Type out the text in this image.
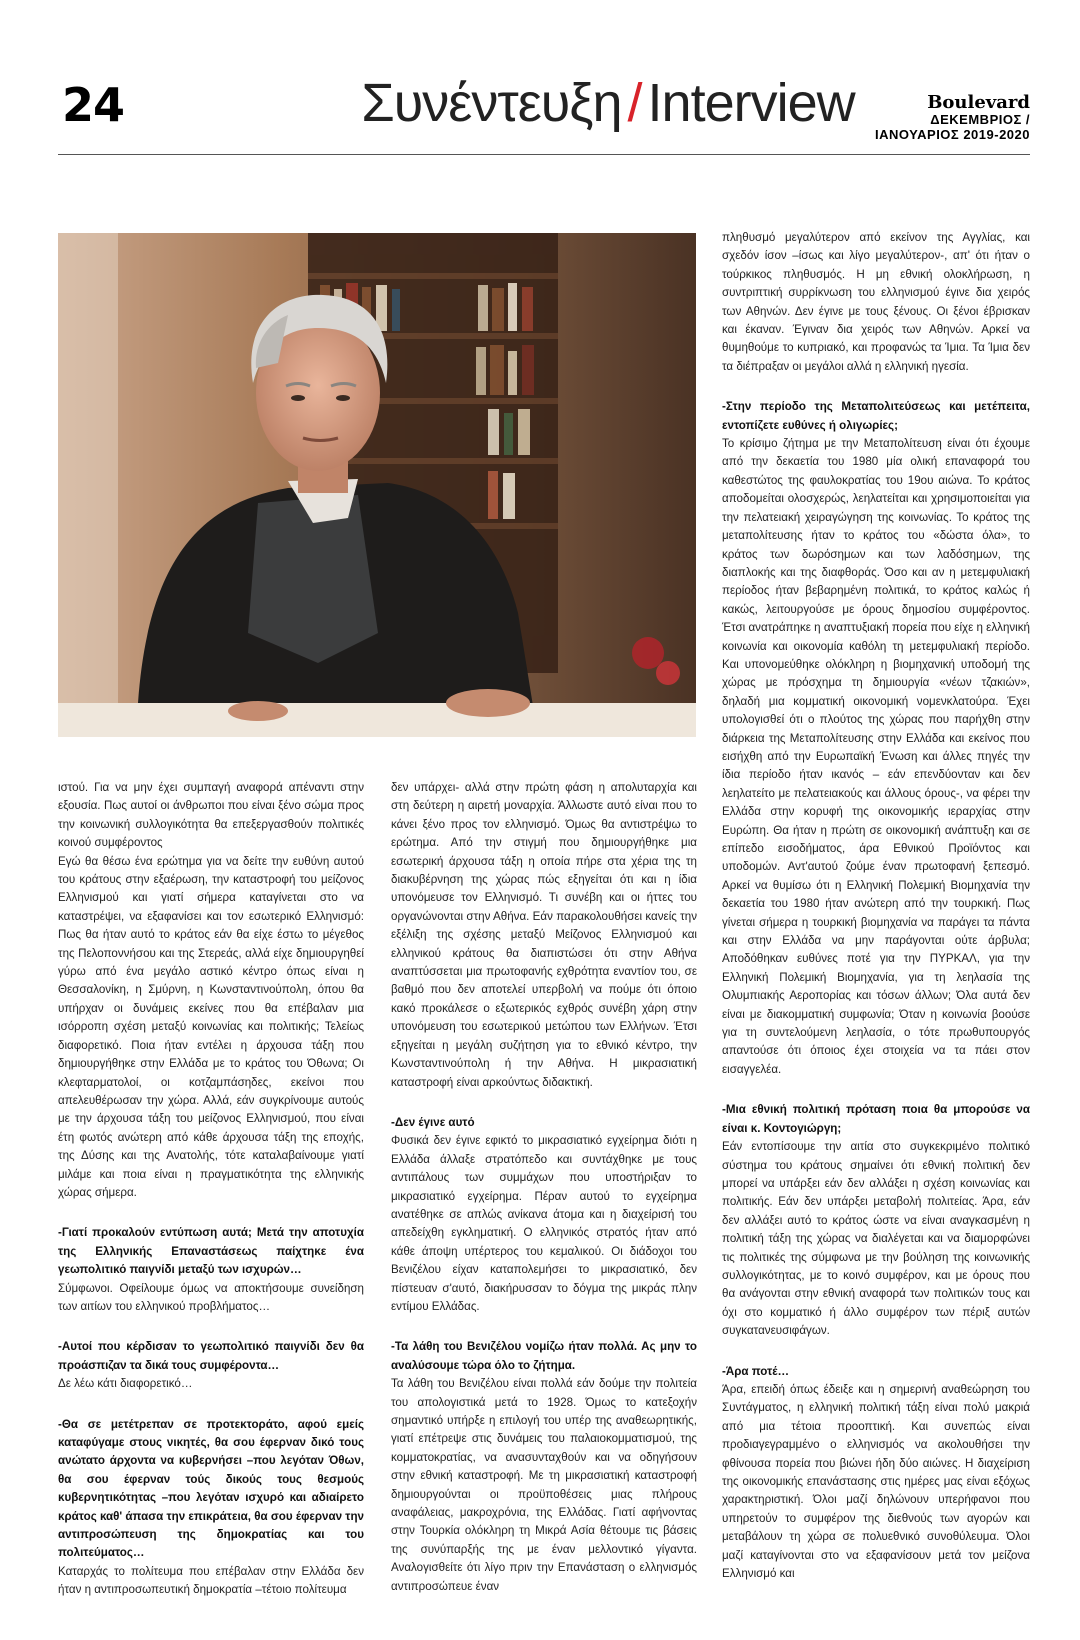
24	Συνέντευξη / Interview	Boulevard
ΔΕΚΕΜΒΡΙΟΣ /
ΙΑΝΟΥΑΡΙΟΣ 2019-2020

ιστού. Για να μην έχει συμπαγή αναφορά απέναντι στην εξουσία. Πως αυτοί οι άνθρωποι που είναι ξένο σώμα προς την κοινωνική συλλογικότητα θα επεξεργασθούν πολιτικές κοινού συμφέροντος

Εγώ θα θέσω ένα ερώτημα για να δείτε την ευθύνη αυτού του κράτους στην εξαέρωση, την καταστροφή του μείζονος Ελληνισμού και γιατί σήμερα καταγίνεται στο να καταστρέψει, να εξαφανίσει και τον εσωτερικό Ελληνισμό: Πως θα ήταν αυτό το κράτος εάν θα είχε έστω το μέγεθος της Πελοποννήσου και της Στερεάς, αλλά είχε δημιουργηθεί γύρω από ένα μεγάλο αστικό κέντρο όπως είναι η Θεσσαλονίκη, η Σμύρνη, η Κωνσταντινούπολη, όπου θα υπήρχαν οι δυνάμεις εκείνες που θα επέβαλαν μια ισόρροπη σχέση μεταξύ κοινωνίας και πολιτικής; Τελείως διαφορετικό. Ποια ήταν εντέλει η άρχουσα τάξη που δημιουργήθηκε στην Ελλάδα με το κράτος του Όθωνα; Οι κλεφταρματολοί, οι κοτζαμπάσηδες, εκείνοι που απελευθέρωσαν την χώρα. Αλλά, εάν συγκρίνουμε αυτούς με την άρχουσα τάξη του μείζονος Ελληνισμού, που είναι έτη φωτός ανώτερη από κάθε άρχουσα τάξη της εποχής, της Δύσης και της Ανατολής, τότε καταλαβαίνουμε γιατί μιλάμε και ποια είναι η πραγματικότητα της ελληνικής χώρας σήμερα.

-Γιατί προκαλούν εντύπωση αυτά; Μετά την αποτυχία της Ελληνικής Επαναστάσεως παίχτηκε ένα γεωπολιτικό παιγνίδι μεταξύ των ισχυρών…

Σύμφωνοι. Οφείλουμε όμως να αποκτήσουμε συνείδηση των αιτίων του ελληνικού προβλήματος…

-Αυτοί που κέρδισαν το γεωπολιτικό παιγνίδι δεν θα προάσπιζαν τα δικά τους συμφέροντα…

Δε λέω κάτι διαφορετικό…

-Θα σε μετέτρεπαν σε προτεκτοράτο, αφού εμείς καταφύγαμε στους νικητές, θα σου έφερναν δικό τους ανώτατο άρχοντα να κυβερνήσει –που λεγόταν Όθων, θα σου έφερναν τούς δικούς τους θεσμούς κυβερνητικότητας –που λεγόταν ισχυρό και αδιαίρετο κράτος καθ' άπασα την επικράτεια, θα σου έφερναν την αντιπροσώπευση της δημοκρατίας και του πολιτεύματος…

Καταρχάς το πολίτευμα που επέβαλαν στην Ελλάδα δεν ήταν η αντιπροσωπευτική δημοκρατία –τέτοιο πολίτευμα

δεν υπάρχει- αλλά στην πρώτη φάση η απολυταρχία και στη δεύτερη η αιρετή μοναρχία. Άλλωστε αυτό είναι που το κάνει ξένο προς τον ελληνισμό. Όμως θα αντιστρέψω το ερώτημα. Από την στιγμή που δημιουργήθηκε μια εσωτερική άρχουσα τάξη η οποία πήρε στα χέρια της τη διακυβέρνηση της χώρας πώς εξηγείται ότι και η ίδια υπονόμευσε τον Ελληνισμό. Τι συνέβη και οι ήττες του οργανώνονται στην Αθήνα. Εάν παρακολουθήσει κανείς την εξέλιξη της σχέσης μεταξύ Μείζονος Ελληνισμού και ελληνικού κράτους θα διαπιστώσει ότι στην Αθήνα αναπτύσσεται μια πρωτοφανής εχθρότητα εναντίον του, σε βαθμό που δεν αποτελεί υπερβολή να πούμε ότι όποιο κακό προκάλεσε ο εξωτερικός εχθρός συνέβη χάρη στην υπονόμευση του εσωτερικού μετώπου των Ελλήνων. Έτσι εξηγείται η μεγάλη συζήτηση για το εθνικό κέντρο, την Κωνσταντινούπολη ή την Αθήνα. Η μικρασιατική καταστροφή είναι αρκούντως διδακτική.

-Δεν έγινε αυτό

Φυσικά δεν έγινε εφικτό το μικρασιατικό εγχείρημα διότι η Ελλάδα άλλαξε στρατόπεδο και συντάχθηκε με τους αντιπάλους των συμμάχων που υποστήριξαν το μικρασιατικό εγχείρημα. Πέραν αυτού το εγχείρημα ανατέθηκε σε απλώς ανίκανα άτομα και η διαχείρισή του απεδείχθη εγκληματική. Ο ελληνικός στρατός ήταν από κάθε άποψη υπέρτερος του κεμαλικού. Οι διάδοχοι του Βενιζέλου είχαν καταπολεμήσει το μικρασιατικό, δεν πίστευαν σ'αυτό, διακήρυσσαν το δόγμα της μικράς πλην εντίμου Ελλάδας.

-Τα λάθη του Βενιζέλου νομίζω ήταν πολλά. Ας μην το αναλύσουμε τώρα όλο το ζήτημα.

Τα λάθη του Βενιζέλου είναι πολλά εάν δούμε την πολιτεία του απολογιστικά μετά το 1928. Όμως το κατεξοχήν σημαντικό υπήρξε η επιλογή του υπέρ της αναθεωρητικής, γιατί επέτρεψε στις δυνάμεις του παλαιοκομματισμού, της κομματοκρατίας, να ανασυνταχθούν και να οδηγήσουν στην εθνική καταστροφή. Με τη μικρασιατική καταστροφή δημιουργούνται οι προϋποθέσεις μιας πλήρους αναφάλειας, μακροχρόνια, της Ελλάδας. Γιατί αφήνοντας στην Τουρκία ολόκληρη τη Μικρά Ασία θέτουμε τις βάσεις της συνύπαρξής της με έναν μελλοντικό γίγαντα. Αναλογισθείτε ότι λίγο πριν την Επανάσταση ο ελληνισμός αντιπροσώπευε έναν

πληθυσμό μεγαλύτερον από εκείνον της Αγγλίας, και σχεδόν ίσον –ίσως και λίγο μεγαλύτερον-, απ' ότι ήταν ο τούρκικος πληθυσμός. Η μη εθνική ολοκλήρωση, η συντριπτική συρρίκνωση του ελληνισμού έγινε δια χειρός των Αθηνών. Δεν έγινε με τους ξένους. Οι ξένοι έβρισκαν και έκαναν. Έγιναν δια χειρός των Αθηνών. Αρκεί να θυμηθούμε το κυπριακό, και προφανώς τα Ίμια. Τα Ίμια δεν τα διέπραξαν οι μεγάλοι αλλά η ελληνική ηγεσία.

-Στην περίοδο της Μεταπολιτεύσεως και μετέπειτα, εντοπίζετε ευθύνες ή ολιγωρίες;

Το κρίσιμο ζήτημα με την Μεταπολίτευση είναι ότι έχουμε από την δεκαετία του 1980 μία ολική επαναφορά του καθεστώτος της φαυλοκρατίας του 19ου αιώνα. Το κράτος αποδομείται ολοσχερώς, λεηλατείται και χρησιμοποιείται για την πελατειακή χειραγώγηση της κοινωνίας. Το κράτος της μεταπολίτευσης ήταν το κράτος του «δώστα όλα», το κράτος των δωρόσημων και των λαδόσημων, της διαπλοκής και της διαφθοράς. Όσο και αν η μετεμφυλιακή περίοδος ήταν βεβαρημένη πολιτικά, το κράτος καλώς ή κακώς, λειτουργούσε με όρους δημοσίου συμφέροντος. Έτσι ανατράπηκε η αναπτυξιακή πορεία που είχε η ελληνική κοινωνία και οικονομία καθόλη τη μετεμφυλιακή περίοδο. Και υπονομεύθηκε ολόκληρη η βιομηχανική υποδομή της χώρας με πρόσχημα τη δημιουργία «νέων τζακιών», δηλαδή μια κομματική οικονομική νομενκλατούρα. Έχει υπολογισθεί ότι ο πλούτος της χώρας που παρήχθη στην διάρκεια της Μεταπολίτευσης στην Ελλάδα και εκείνος που εισήχθη από την Ευρωπαϊκή Ένωση και άλλες πηγές την ίδια περίοδο ήταν ικανός – εάν επενδύονταν και δεν λεηλατείτο με πελατειακούς και άλλους όρους-, να φέρει την Ελλάδα στην κορυφή της οικονομικής ιεραρχίας στην Ευρώπη. Θα ήταν η πρώτη σε οικονομική ανάπτυξη και σε επίπεδο εισοδήματος, άρα Εθνικού Προϊόντος και υποδομών. Αντ'αυτού ζούμε έναν πρωτοφανή ξεπεσμό. Αρκεί να θυμίσω ότι η Ελληνική Πολεμική Βιομηχανία την δεκαετία του 1980 ήταν ανώτερη από την τουρκική. Πως γίνεται σήμερα η τουρκική βιομηχανία να παράγει τα πάντα και στην Ελλάδα να μην παράγονται ούτε άρβυλα; Αποδόθηκαν ευθύνες ποτέ για την ΠΥΡΚΑΛ, για την Ελληνική Πολεμική Βιομηχανία, για τη λεηλασία της Ολυμπιακής Αεροπορίας και τόσων άλλων; Όλα αυτά δεν είναι με διακομματική συμφωνία; Όταν η κοινωνία βοούσε για τη συντελούμενη λεηλασία, ο τότε πρωθυπουργός απαντούσε ότι όποιος έχει στοιχεία να τα πάει στον εισαγγελέα.

-Μια εθνική πολιτική πρόταση ποια θα μπορούσε να είναι κ. Κοντογιώργη;

Εάν εντοπίσουμε την αιτία στο συγκεκριμένο πολιτικό σύστημα του κράτους σημαίνει ότι εθνική πολιτική δεν μπορεί να υπάρξει εάν δεν αλλάξει η σχέση κοινωνίας και πολιτικής. Εάν δεν υπάρξει μεταβολή πολιτείας. Άρα, εάν δεν αλλάξει αυτό το κράτος ώστε να είναι αναγκασμένη η πολιτική τάξη της χώρας να διαλέγεται και να διαμορφώνει τις πολιτικές της σύμφωνα με την βούληση της κοινωνικής συλλογικότητας, με το κοινό συμφέρον, και με όρους που θα ανάγονται στην εθνική αναφορά των πολιτικών τους και όχι στο κομματικό ή άλλο συμφέρον των πέριξ αυτών συγκατανευσιφάγων.

-Άρα ποτέ…

Άρα, επειδή όπως έδειξε και η σημερινή αναθεώρηση του Συντάγματος, η ελληνική πολιτική τάξη είναι πολύ μακριά από μια τέτοια προοπτική. Και συνεπώς είναι προδιαγεγραμμένο ο ελληνισμός να ακολουθήσει την φθίνουσα πορεία που βιώνει ήδη δύο αιώνες. Η διαχείριση της οικονομικής επανάστασης στις ημέρες μας είναι εξόχως χαρακτηριστική. Όλοι μαζί δηλώνουν υπερήφανοι που υπηρετούν το συμφέρον της διεθνούς των αγορών και μεταβάλουν τη χώρα σε πολυεθνικό συνοθύλευμα. Όλοι μαζί καταγίνονται στο να εξαφανίσουν μετά τον μείζονα Ελληνισμό και
